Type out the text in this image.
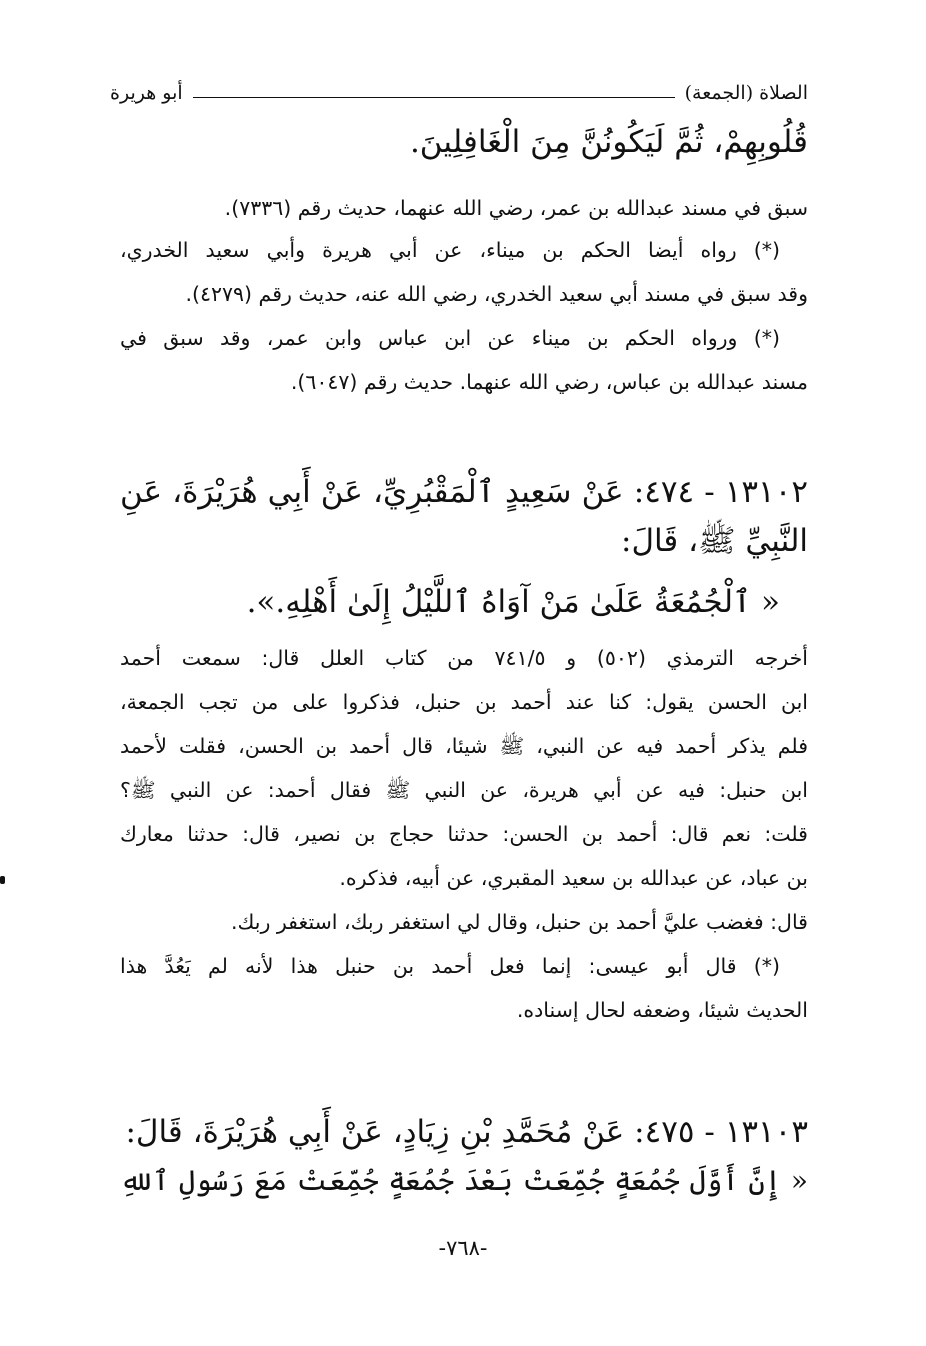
الصلاة (الجمعة)
أبو هريرة
قُلُوبِهِمْ، ثُمَّ لَيَكُونُنَّ مِنَ الْغَافِلِينَ.
سبق في مسند عبدالله بن عمر، رضي الله عنهما، حديث رقم (٧٣٣٦).
(*) رواه أيضا الحكم بن ميناء، عن أبي هريرة وأبي سعيد الخدري،
وقد سبق في مسند أبي سعيد الخدري، رضي الله عنه، حديث رقم (٤٢٧٩).
(*) ورواه الحكم بن ميناء عن ابن عباس وابن عمر، وقد سبق في
مسند عبدالله بن عباس، رضي الله عنهما. حديث رقم (٦٠٤٧).
١٣١٠٢ - ٤٧٤: عَنْ سَعِيدٍ ٱلْمَقْبُرِيِّ، عَنْ أَبِي هُرَيْرَةَ، عَنِ
النَّبِيِّ ﷺ، قَالَ:
« ٱلْجُمُعَةُ عَلَىٰ مَنْ آوَاهُ ٱللَّيْلُ إِلَىٰ أَهْلِهِ.».
أخرجه الترمذي (٥٠٢) و ٧٤١/٥ من كتاب العلل قال: سمعت أحمد
ابن الحسن يقول: كنا عند أحمد بن حنبل، فذكروا على من تجب الجمعة،
فلم يذكر أحمد فيه عن النبي، ﷺ شيئا، قال أحمد بن الحسن، فقلت لأحمد
ابن حنبل: فيه عن أبي هريرة، عن النبي ﷺ فقال أحمد: عن النبي ﷺ؟
قلت: نعم قال: أحمد بن الحسن: حدثنا حجاج بن نصير، قال: حدثنا معارك
بن عباد، عن عبدالله بن سعيد المقبري، عن أبيه، فذكره.
قال: فغضب عليَّ أحمد بن حنبل، وقال لي استغفر ربك، استغفر ربك.
(*) قال أبو عيسى: إنما فعل أحمد بن حنبل هذا لأنه لم يَعُدَّ هذا
الحديث شيئا، وضعفه لحال إسناده.
١٣١٠٣ - ٤٧٥: عَنْ مُحَمَّدِ بْنِ زِيَادٍ، عَنْ أَبِي هُرَيْرَةَ، قَالَ:
« إِنَّ أَوَّلَ جُمُعَةٍ جُمِّعَتْ بَعْدَ جُمُعَةٍ جُمِّعَتْ مَعَ رَسُولِ ٱللهِ
-٧٦٨-
